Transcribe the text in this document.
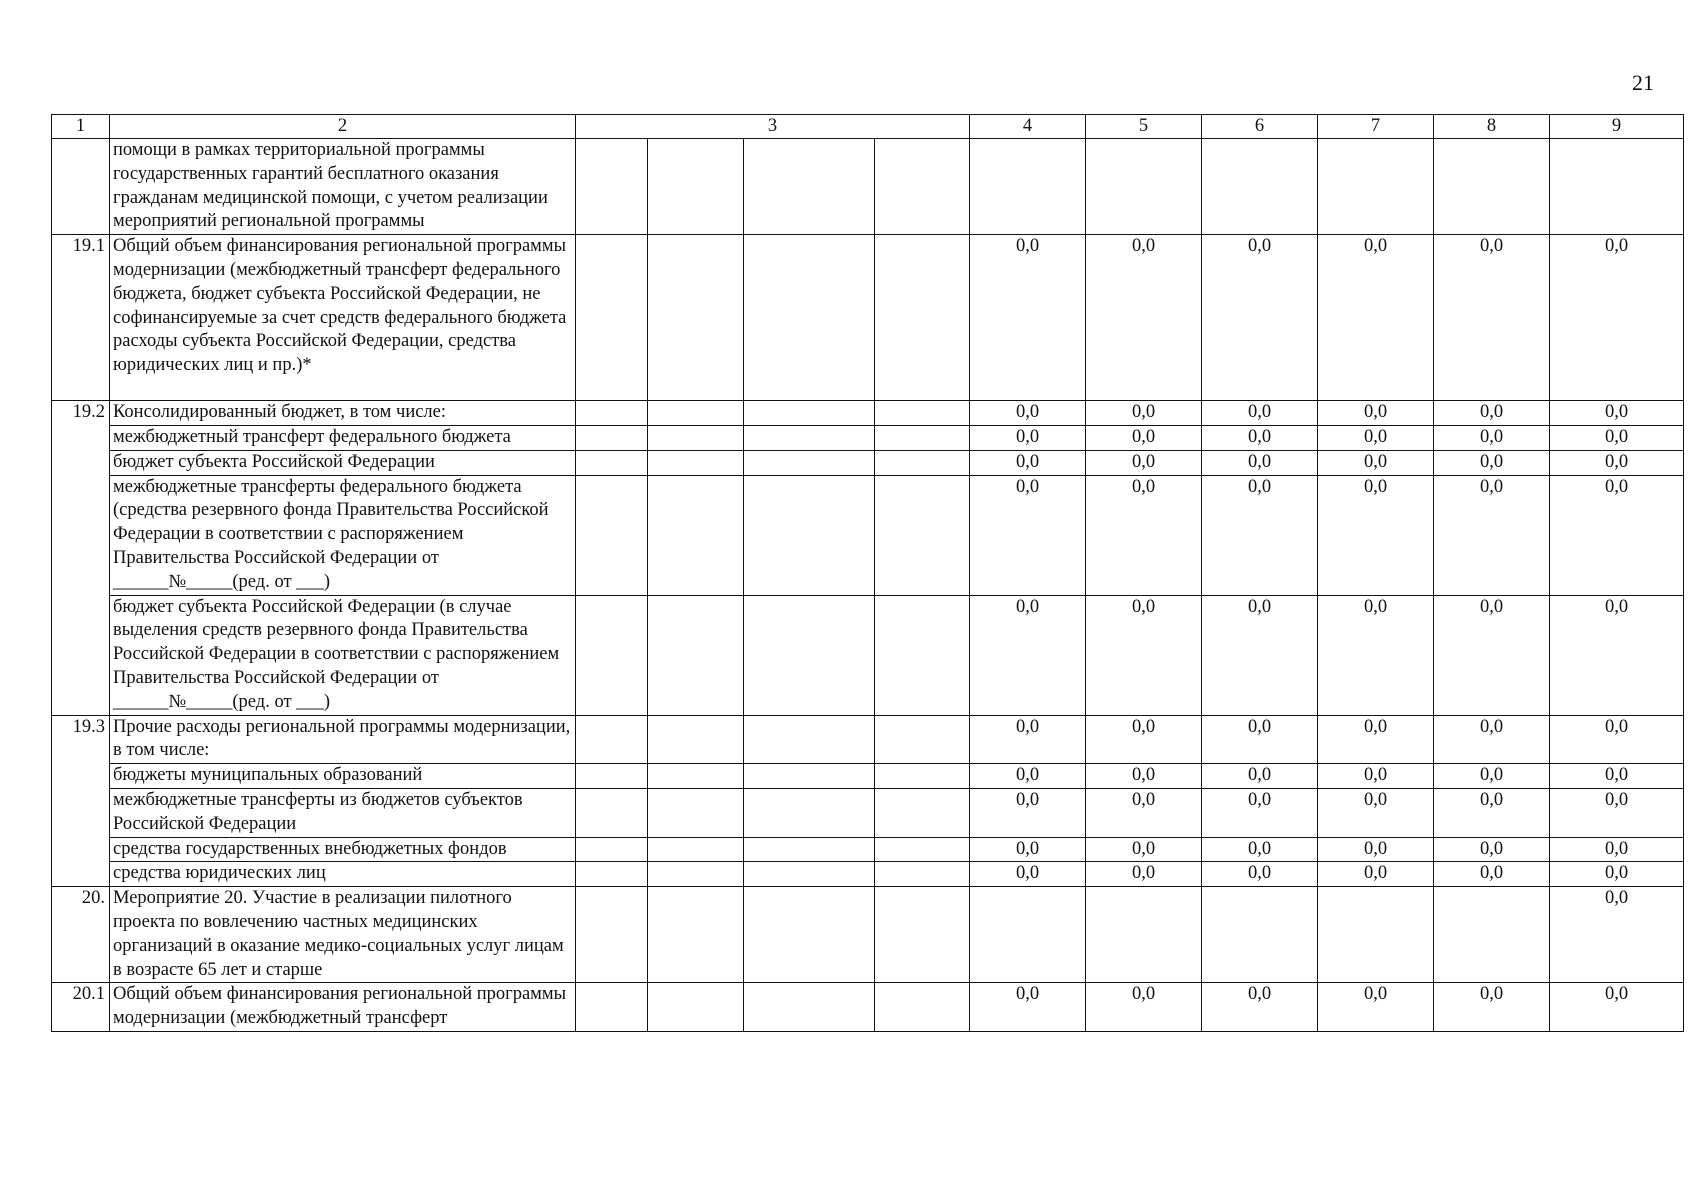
21
1	2	3				4	5	6	7	8	9
	помощи в рамках территориальной программы государственных гарантий бесплатного оказания гражданам медицинской помощи, с учетом реализации мероприятий региональной программы										
19.1	Общий объем финансирования региональной программы модернизации (межбюджетный трансферт федерального бюджета, бюджет субъекта Российской Федерации, не софинансируемые за счет средств федерального бюджета расходы субъекта Российской Федерации, средства юридических лиц и пр.)*					0,0	0,0	0,0	0,0	0,0	0,0
19.2	Консолидированный бюджет, в том числе:					0,0	0,0	0,0	0,0	0,0	0,0
	межбюджетный трансферт федерального бюджета					0,0	0,0	0,0	0,0	0,0	0,0
	бюджет субъекта Российской Федерации					0,0	0,0	0,0	0,0	0,0	0,0
	межбюджетные трансферты федерального бюджета (средства резервного фонда Правительства Российской Федерации в соответствии с распоряжением Правительства Российской Федерации от ______№_____(ред. от ___)					0,0	0,0	0,0	0,0	0,0	0,0
	бюджет субъекта Российской Федерации (в случае выделения средств резервного фонда Правительства Российской Федерации в соответствии с распоряжением Правительства Российской Федерации от ______№_____(ред. от ___)					0,0	0,0	0,0	0,0	0,0	0,0
19.3	Прочие расходы региональной программы модернизации, в том числе:					0,0	0,0	0,0	0,0	0,0	0,0
	бюджеты муниципальных образований					0,0	0,0	0,0	0,0	0,0	0,0
	межбюджетные трансферты из бюджетов субъектов Российской Федерации					0,0	0,0	0,0	0,0	0,0	0,0
	средства государственных внебюджетных фондов					0,0	0,0	0,0	0,0	0,0	0,0
	средства юридических лиц					0,0	0,0	0,0	0,0	0,0	0,0
20.	Мероприятие 20. Участие в реализации пилотного проекта по вовлечению частных медицинских организаций в оказание медико-социальных услуг лицам в возрасте 65 лет и старше										0,0
20.1	Общий объем финансирования региональной программы модернизации (межбюджетный трансферт					0,0	0,0	0,0	0,0	0,0	0,0
